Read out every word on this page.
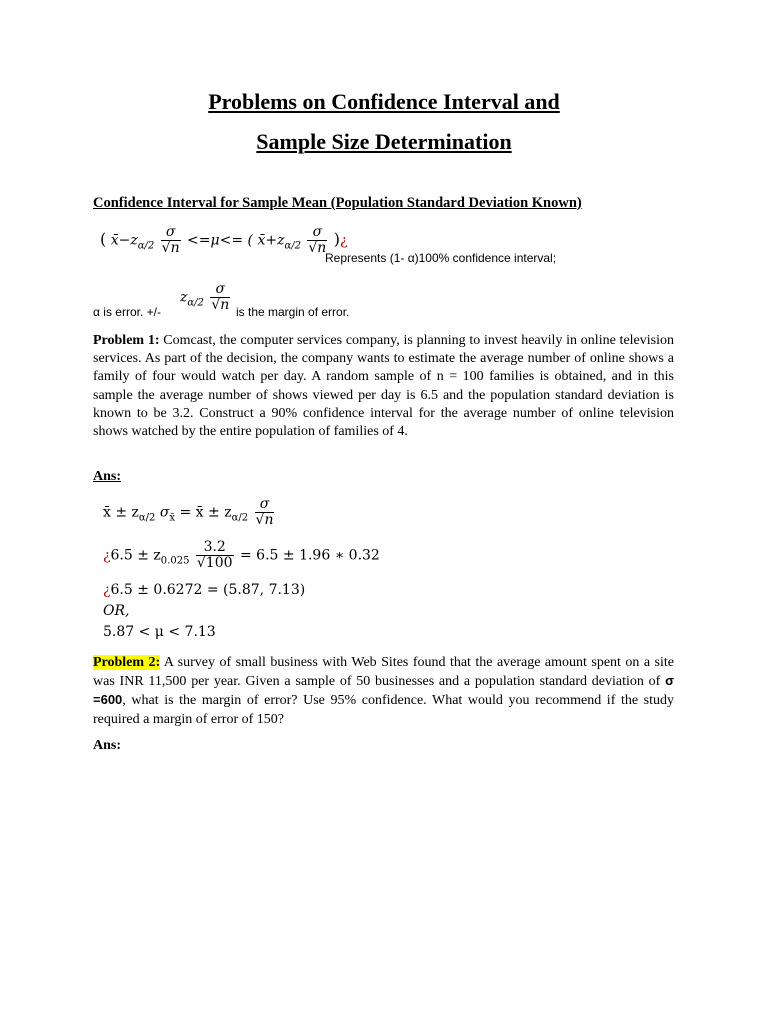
Problems on Confidence Interval and
Sample Size Determination
Confidence Interval for Sample Mean (Population Standard Deviation Known)
( $x̄-z_{\alpha/2} \frac{\sigma}{√n} <=\mu<=$ ( $x̄+z_{\alpha/2} \frac{\sigma}{√n}$ )¿
Represents (1- α)100% confidence interval;
α is error. +/-
$z_{\alpha/2} \frac{\sigma}{√n}$ is the margin of error.
Problem 1: Comcast, the computer services company, is planning to invest heavily in online television services. As part of the decision, the company wants to estimate the average number of online shows a family of four would watch per day. A random sample of n = 100 families is obtained, and in this sample the average number of shows viewed per day is 6.5 and the population standard deviation is known to be 3.2. Construct a 90% confidence interval for the average number of online television shows watched by the entire population of families of 4.
Ans:
x̄ ± $z_{\alpha/2}$ $\sigma_{x̄}$ = x̄ ± $z_{\alpha/2} \frac{\sigma}{√n}$
¿$6.5 \pm z_{0.025} \frac{3.2}{√100} = 6.5 \pm 1.96$ ∗ 0.32
¿6.5 ± 0.6272 = (5.87, 7.13)
OR,
5.87 < μ < 7.13
Problem 2: A survey of small business with Web Sites found that the average amount spent on a site was INR 11,500 per year. Given a sample of 50 businesses and a population standard deviation of σ =600, what is the margin of error? Use 95% confidence. What would you recommend if the study required a margin of error of 150?
Ans:
